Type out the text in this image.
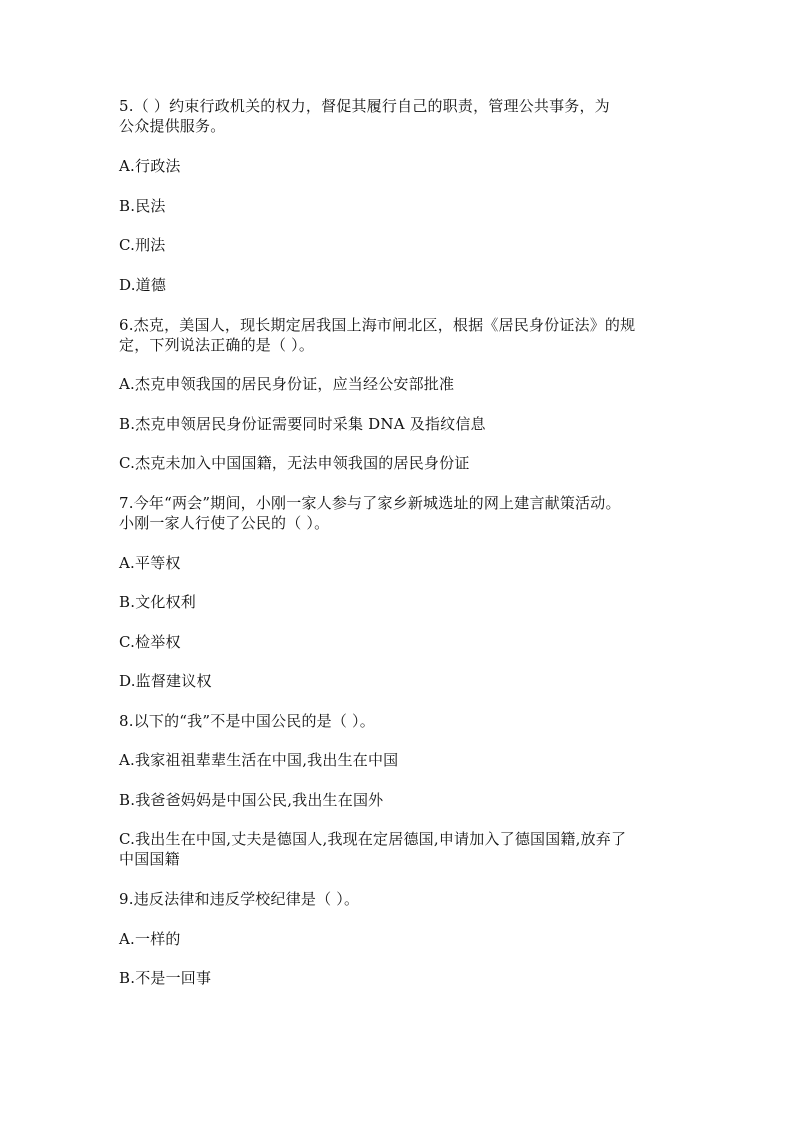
5.（ ）约束行政机关的权力，督促其履行自己的职责，管理公共事务，为
公众提供服务。
A.行政法
B.民法
C.刑法
D.道德
6.杰克，美国人，现长期定居我国上海市闸北区，根据《居民身份证法》的规
定，下列说法正确的是（ ）。
A.杰克申领我国的居民身份证，应当经公安部批准
B.杰克申领居民身份证需要同时采集 DNA 及指纹信息
C.杰克未加入中国国籍，无法申领我国的居民身份证
7.今年“两会”期间，小刚一家人参与了家乡新城选址的网上建言献策活动。
小刚一家人行使了公民的（ ）。
A.平等权
B.文化权利
C.检举权
D.监督建议权
8.以下的“我”不是中国公民的是（ ）。
A.我家祖祖辈辈生活在中国,我出生在中国
B.我爸爸妈妈是中国公民,我出生在国外
C.我出生在中国,丈夫是德国人,我现在定居德国,申请加入了德国国籍,放弃了
中国国籍
9.违反法律和违反学校纪律是（ ）。
A.一样的
B.不是一回事
